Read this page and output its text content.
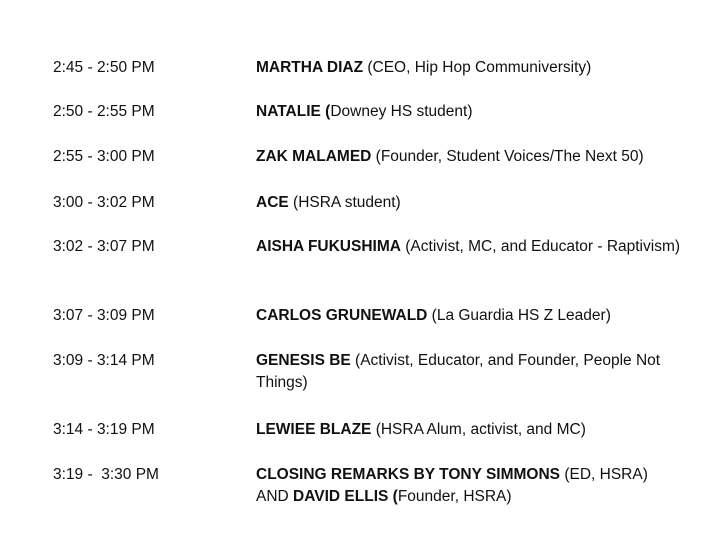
2:45 - 2:50 PM	MARTHA DIAZ (CEO, Hip Hop Communiversity)
2:50 - 2:55 PM	NATALIE (Downey HS student)
2:55 - 3:00 PM	ZAK MALAMED (Founder, Student Voices/The Next 50)
3:00 - 3:02 PM	ACE (HSRA student)
3:02 - 3:07 PM	AISHA FUKUSHIMA (Activist, MC, and Educator - Raptivism)
3:07 - 3:09 PM	CARLOS GRUNEWALD (La Guardia HS Z Leader)
3:09 - 3:14 PM	GENESIS BE (Activist, Educator, and Founder, People Not Things)
3:14 - 3:19 PM	LEWIEE BLAZE (HSRA Alum, activist, and MC)
3:19 -  3:30 PM	CLOSING REMARKS BY TONY SIMMONS (ED, HSRA)
AND DAVID ELLIS (Founder, HSRA)
